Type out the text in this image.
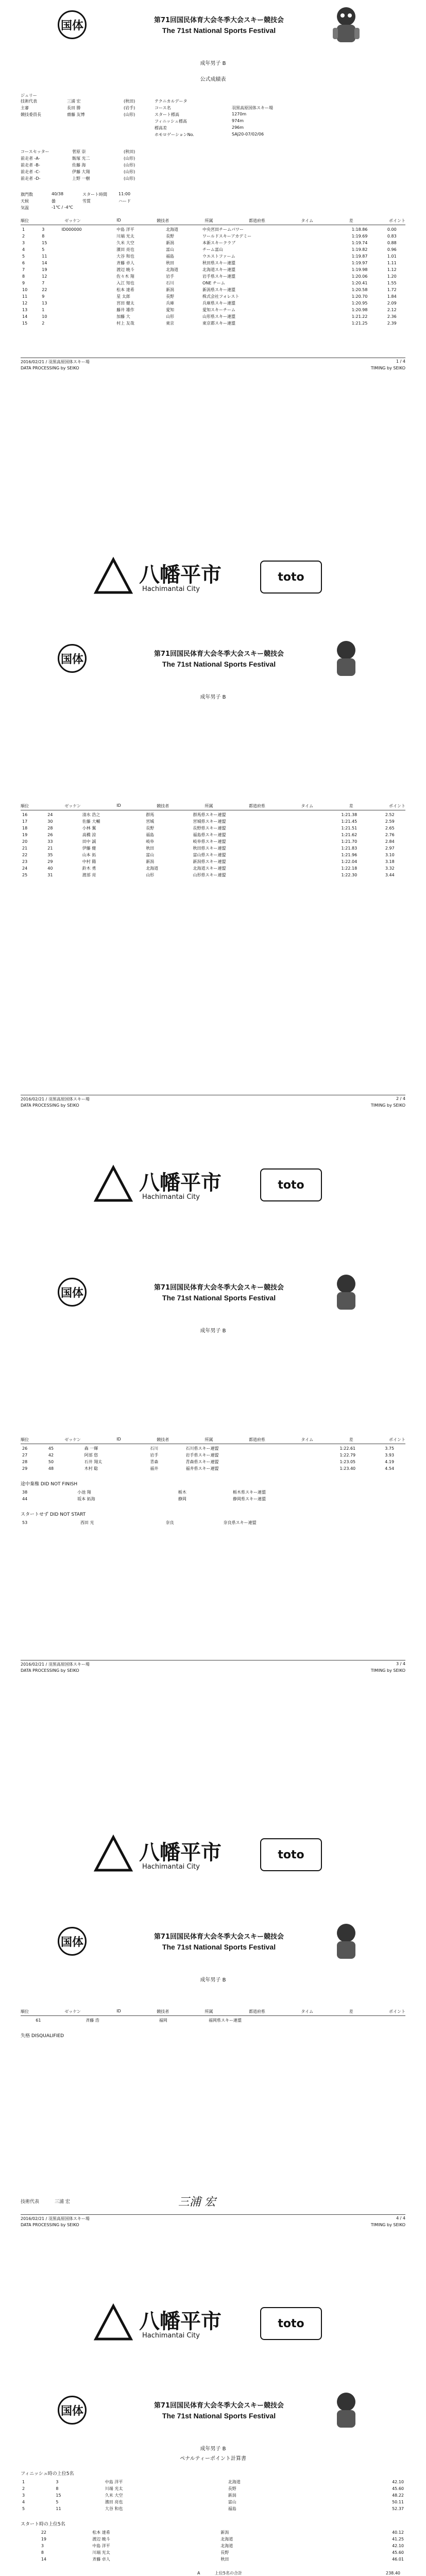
国体	第71回国民体育大会冬季大会スキー競技会
The 71st National Sports Festival
成年男子 B
公式成績表
ジュリー
技術代表	三浦 宏	(秋田)	テクニカルデータ
主審	長田 勝	(岩手)	コース名	羽黒高原国体スキー場
競技委員長	齋藤 友博	(山形)	スタート標高	1270m
フィニッシュ標高	974m
標高差	296m
ホモロゲーションNo.	SAJ20-07/02/06
コースセッター	菅原 崇	(秋田)
前走者 -A-	飯塚 光二	(山形)
前走者 -B-	佐藤 海	(山形)
前走者 -C-	伊藤 大翔	(山形)
前走者 -D-	上野 一樹	(山形)
旗門数	40/38	スタート時間	11:00
天候	曇	雪質	ハード
気温	-1℃ / -4℃
順位	ゼッケン	ID	競技者	所属	都道府県	タイム	差	ポイント
1	3	ID000000	中島 洋平	北海道	中央宮田チームパワー	1:18.86	0.00	
2	8		川端 光太	長野	ワールドスキーアカデミー	1:19.69	0.83	
3	15		久米 大空	新潟	本新スキークラブ	1:19.74	0.88	
4	5		濱田 亮也	富山	チーム富山	1:19.82	0.96	
5	11		大谷 和也	福島	ウエストファーム	1:19.87	1.01	
6	14		斉藤 卓人	秋田	秋田県スキー連盟	1:19.97	1.11	
7	19		渡辺 暁斗	北海道	北海道スキー連盟	1:19.98	1.12	
8	12		佐々木 翔	岩手	岩手県スキー連盟	1:20.06	1.20	
9	7		入江 知也	石川	ONE チーム	1:20.41	1.55	
10	22		松本 達希	新潟	新潟県スキー連盟	1:20.58	1.72	
11	9		星 太郎	長野	株式会社フォレスト	1:20.70	1.84	
12	13		宮田 健太	兵庫	兵庫県スキー連盟	1:20.95	2.09	
13	1		藤井 雄作	愛知	愛知スキーチーム	1:20.98	2.12	
14	10		加藤 大	山形	山形県スキー連盟	1:21.22	2.36	
15	2		村上 友哉	東京	東京都スキー連盟	1:21.25	2.39	
2016/02/21 / 羽黒高原国体スキー場	1 / 4
DATA PROCESSING by SEIKO	TIMING by SEIKO
八幡平市
Hachimantai City
toto
国体	第71回国民体育大会冬季大会スキー競技会
The 71st National Sports Festival
成年男子 B
順位	ゼッケン	ID	競技者	所属	都道府県	タイム	差	ポイント
16	24		清水 浩之	群馬	群馬県スキー連盟	1:21.38	2.52	
17	30		佐藤 大輔	宮城	宮城県スキー連盟	1:21.45	2.59	
18	28		小林 翼	長野	長野県スキー連盟	1:21.51	2.65	
19	26		高橋 涼	福島	福島県スキー連盟	1:21.62	2.76	
20	33		田中 誠	岐阜	岐阜県スキー連盟	1:21.70	2.84	
21	21		伊藤 健	秋田	秋田県スキー連盟	1:21.83	2.97	
22	35		山本 拓	富山	富山県スキー連盟	1:21.96	3.10	
23	29		中村 陽	新潟	新潟県スキー連盟	1:22.04	3.18	
24	40		鈴木 勇	北海道	北海道スキー連盟	1:22.18	3.32	
25	31		渡部 亮	山形	山形県スキー連盟	1:22.30	3.44	
2016/02/21 / 羽黒高原国体スキー場	2 / 4
DATA PROCESSING by SEIKO	TIMING by SEIKO
八幡平市
Hachimantai City
toto
国体	第71回国民体育大会冬季大会スキー競技会
The 71st National Sports Festival
成年男子 B
順位	ゼッケン	ID	競技者	所属	都道府県	タイム	差	ポイント
26	45		森 一輝	石川	石川県スキー連盟	1:22.61	3.75	
27	42		阿部 悠	岩手	岩手県スキー連盟	1:22.79	3.93	
28	50		石井 翔太	青森	青森県スキー連盟	1:23.05	4.19	
29	48		木村 聡	福井	福井県スキー連盟	1:23.40	4.54	
途中棄権 DID NOT FINISH
38		小池 翔	栃木	栃木県スキー連盟
44		坂本 拓海	静岡	静岡県スキー連盟
スタートせず DID NOT START
53		西田 光	奈良	奈良県スキー連盟
2016/02/21 / 羽黒高原国体スキー場	3 / 4
DATA PROCESSING by SEIKO	TIMING by SEIKO
八幡平市
Hachimantai City
toto
国体	第71回国民体育大会冬季大会スキー競技会
The 71st National Sports Festival
成年男子 B
順位	ゼッケン	ID	競技者	所属	都道府県	タイム	差	ポイント
	61		斉藤 浩	福岡	福岡県スキー連盟			
失格 DISQUALIFIED
技術代表	三浦 宏	三浦 宏
2016/02/21 / 羽黒高原国体スキー場	4 / 4
DATA PROCESSING by SEIKO	TIMING by SEIKO
八幡平市
Hachimantai City
toto
国体	第71回国民体育大会冬季大会スキー競技会
The 71st National Sports Festival
成年男子 B
ペナルティーポイント計算書
フィニッシュ時の上位5名
1	3	中島 洋平	北海道	42.10
2	8	川端 光太	長野	45.60
3	15	久米 大空	新潟	48.22
4	5	濱田 亮也	富山	50.11
5	11	大谷 和也	福島	52.37
スタート時の上位5名
	22	松本 達希	新潟	40.12
	19	渡辺 暁斗	北海道	41.25
	3	中島 洋平	北海道	42.10
	8	川端 光太	長野	45.60
	14	斉藤 卓人	秋田	46.01
A	上位5名の合計	238.40
